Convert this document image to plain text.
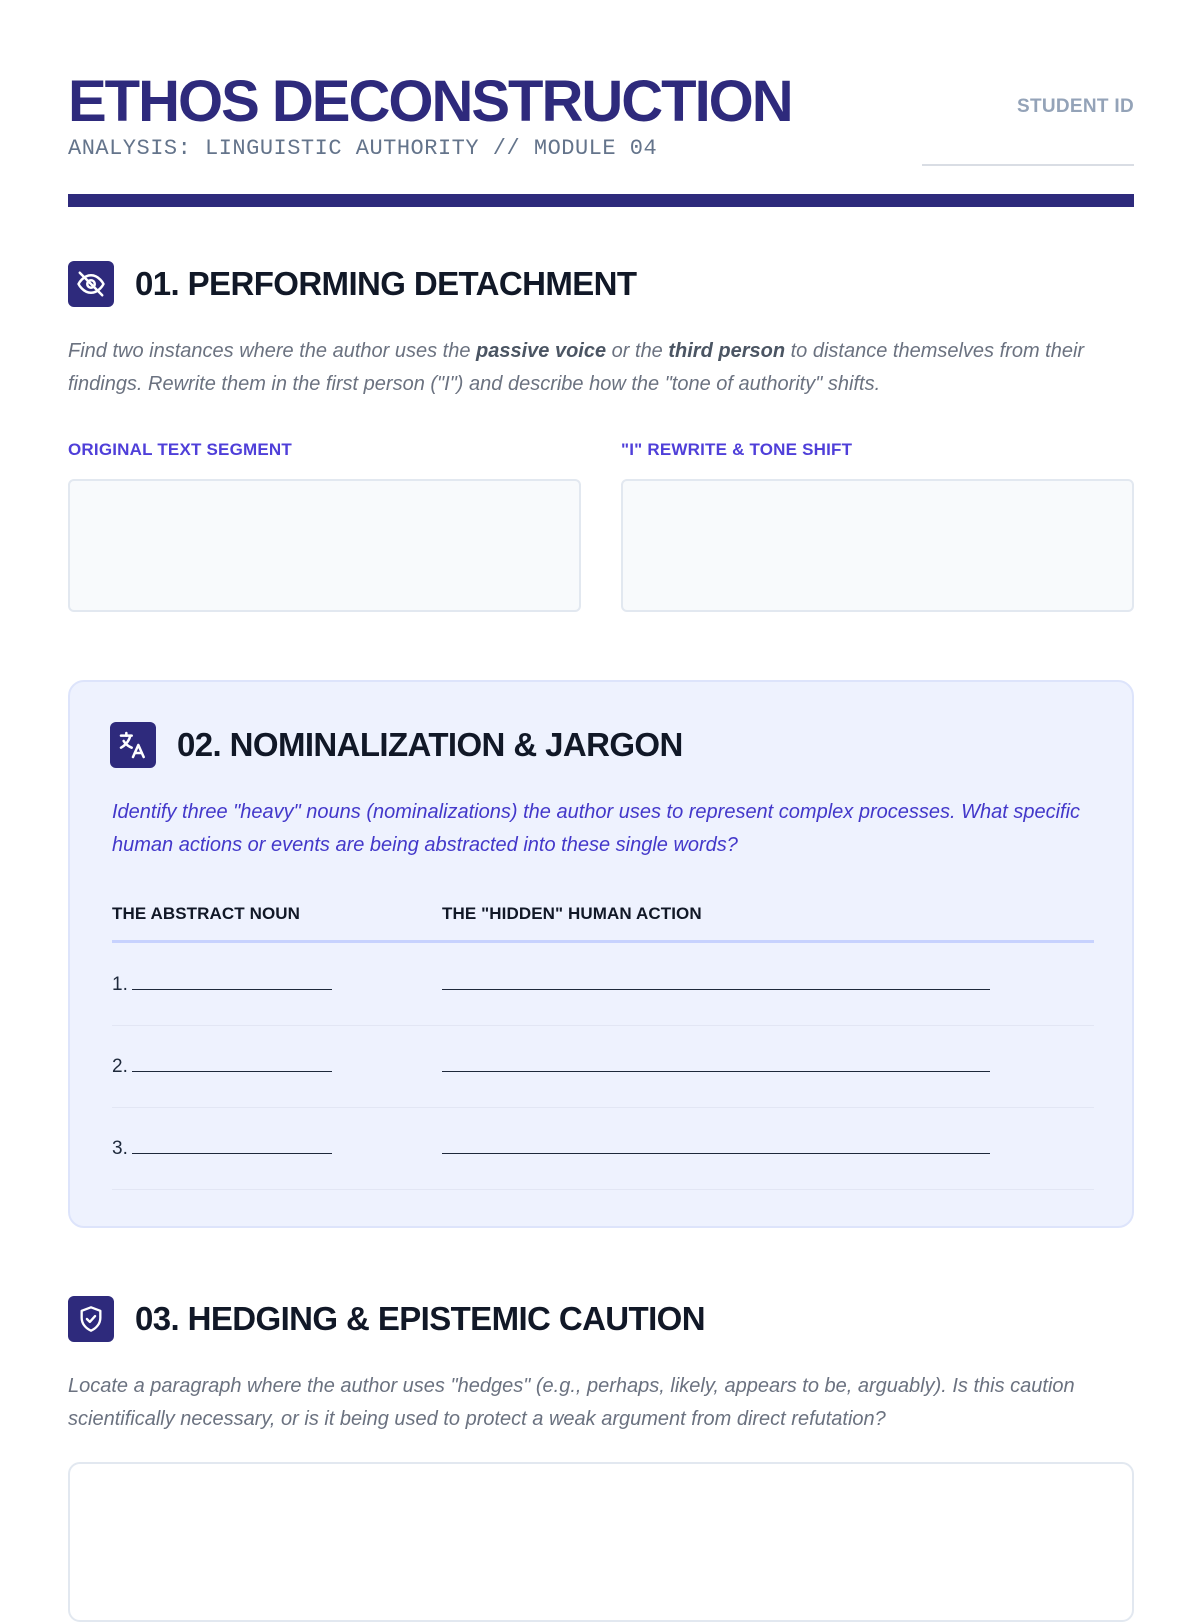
ETHOS DECONSTRUCTION
ANALYSIS: LINGUISTIC AUTHORITY // MODULE 04
STUDENT ID
01. PERFORMING DETACHMENT
Find two instances where the author uses the passive voice or the third person to distance themselves from their findings. Rewrite them in the first person ("I") and describe how the "tone of authority" shifts.
ORIGINAL TEXT SEGMENT	"I" REWRITE & TONE SHIFT
02. NOMINALIZATION & JARGON
Identify three "heavy" nouns (nominalizations) the author uses to represent complex processes. What specific human actions or events are being abstracted into these single words?
THE ABSTRACT NOUN	THE "HIDDEN" HUMAN ACTION
1.
2.
3.
03. HEDGING & EPISTEMIC CAUTION
Locate a paragraph where the author uses "hedges" (e.g., perhaps, likely, appears to be, arguably). Is this caution scientifically necessary, or is it being used to protect a weak argument from direct refutation?
